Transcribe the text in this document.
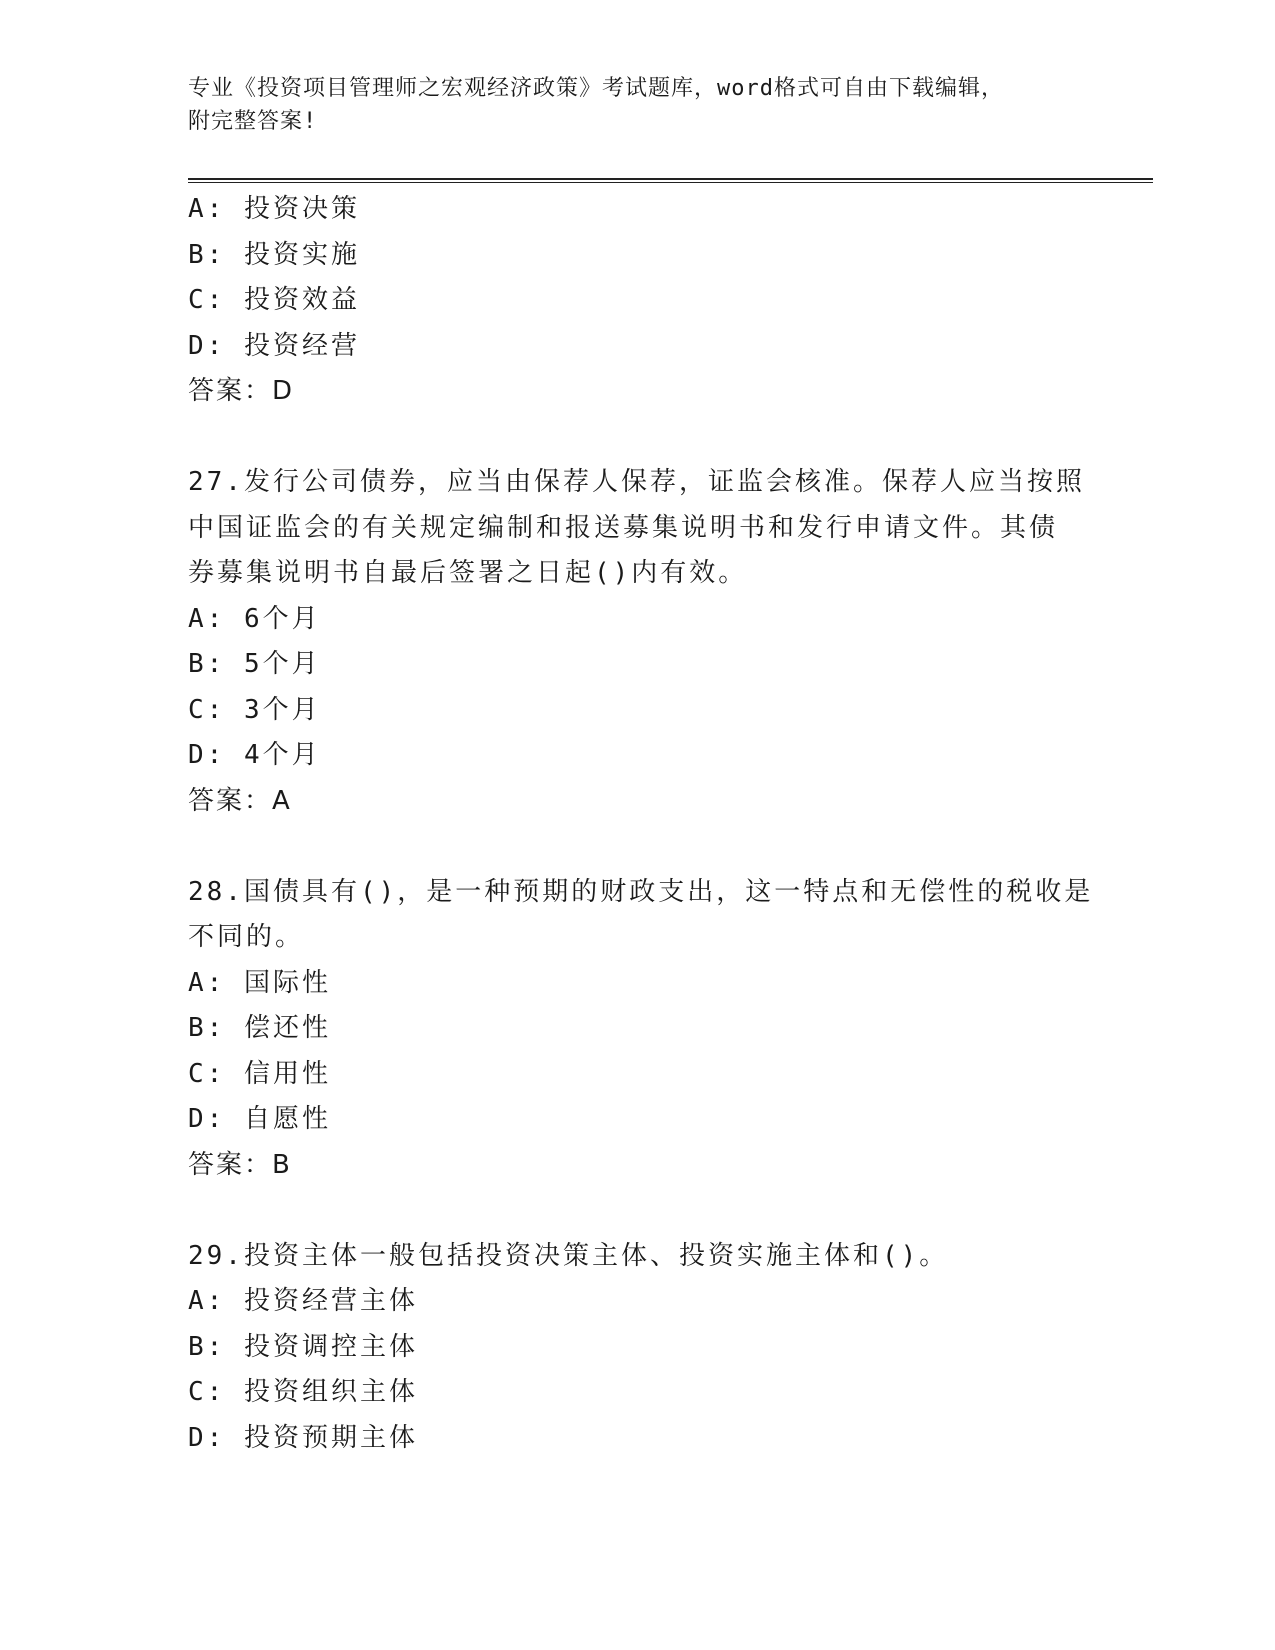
专业《投资项目管理师之宏观经济政策》考试题库，word格式可自由下载编辑，
附完整答案!
A: 投资决策
B: 投资实施
C: 投资效益
D: 投资经营
答案：D
27.发行公司债券，应当由保荐人保荐，证监会核准。保荐人应当按照
中国证监会的有关规定编制和报送募集说明书和发行申请文件。其债
券募集说明书自最后签署之日起()内有效。
A: 6个月
B: 5个月
C: 3个月
D: 4个月
答案：A
28.国债具有()，是一种预期的财政支出，这一特点和无偿性的税收是
不同的。
A: 国际性
B: 偿还性
C: 信用性
D: 自愿性
答案：B
29.投资主体一般包括投资决策主体、投资实施主体和()。
A: 投资经营主体
B: 投资调控主体
C: 投资组织主体
D: 投资预期主体
